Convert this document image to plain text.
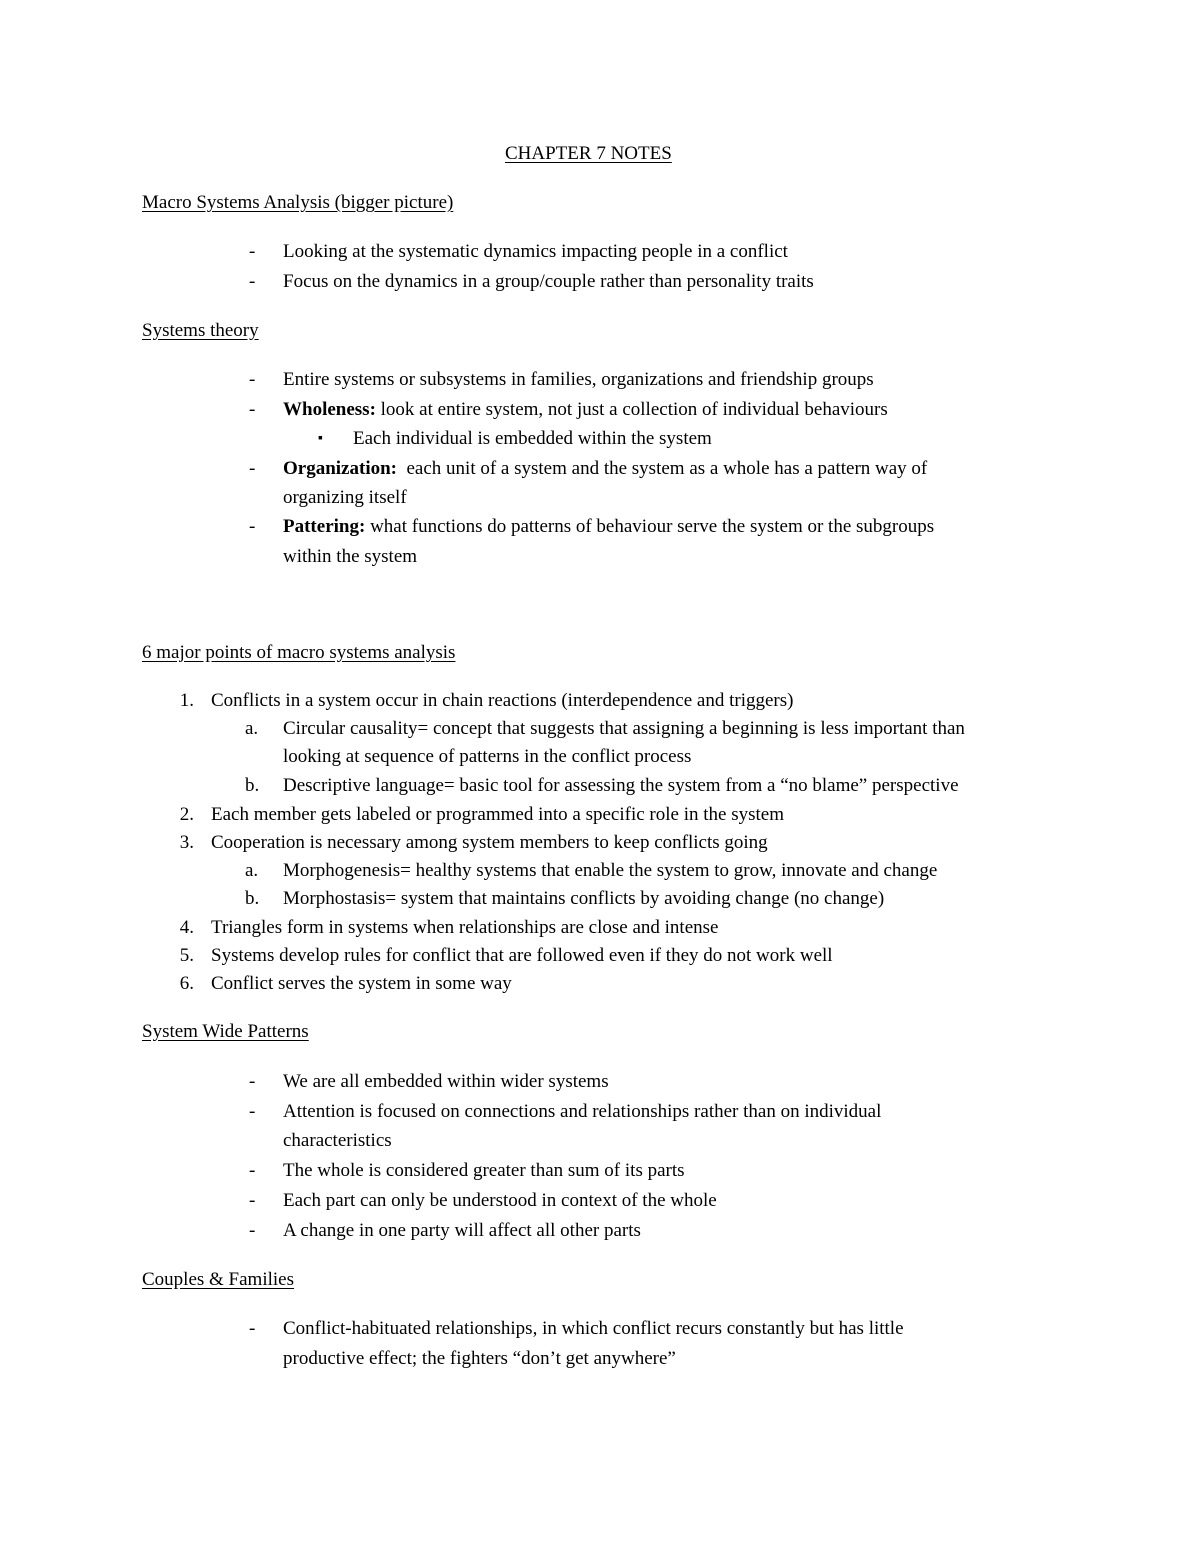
CHAPTER 7 NOTES
Macro Systems Analysis (bigger picture)
- Looking at the systematic dynamics impacting people in a conflict
- Focus on the dynamics in a group/couple rather than personality traits
Systems theory
- Entire systems or subsystems in families, organizations and friendship groups
- Wholeness: look at entire system, not just a collection of individual behaviours
▪ Each individual is embedded within the system
- Organization:  each unit of a system and the system as a whole has a pattern way of
organizing itself
- Pattering: what functions do patterns of behaviour serve the system or the subgroups
within the system
6 major points of macro systems analysis
1. Conflicts in a system occur in chain reactions (interdependence and triggers)
a. Circular causality= concept that suggests that assigning a beginning is less important than
looking at sequence of patterns in the conflict process
b. Descriptive language= basic tool for assessing the system from a “no blame” perspective
2. Each member gets labeled or programmed into a specific role in the system
3. Cooperation is necessary among system members to keep conflicts going
a. Morphogenesis= healthy systems that enable the system to grow, innovate and change
b. Morphostasis= system that maintains conflicts by avoiding change (no change)
4. Triangles form in systems when relationships are close and intense
5. Systems develop rules for conflict that are followed even if they do not work well
6. Conflict serves the system in some way
System Wide Patterns
- We are all embedded within wider systems
- Attention is focused on connections and relationships rather than on individual
characteristics
- The whole is considered greater than sum of its parts
- Each part can only be understood in context of the whole
- A change in one party will affect all other parts
Couples & Families
- Conflict-habituated relationships, in which conflict recurs constantly but has little
productive effect; the fighters “don’t get anywhere”
